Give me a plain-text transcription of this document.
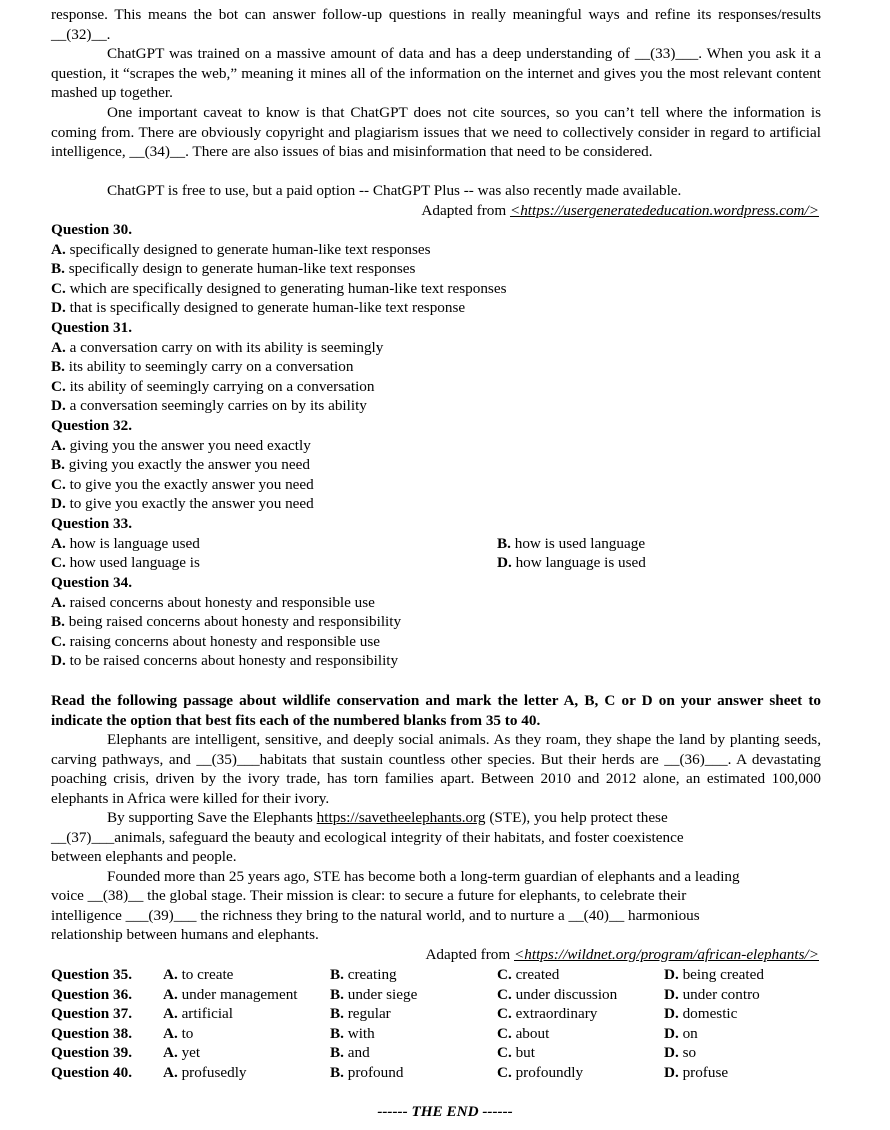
response. This means the bot can answer follow-up questions in really meaningful ways and refine its responses/results __(32)__.
ChatGPT was trained on a massive amount of data and has a deep understanding of __(33)___. When you ask it a question, it “scrapes the web,” meaning it mines all of the information on the internet and gives you the most relevant content mashed up together.
One important caveat to know is that ChatGPT does not cite sources, so you can’t tell where the information is coming from. There are obviously copyright and plagiarism issues that we need to collectively consider in regard to artificial intelligence, __(34)__. There are also issues of bias and misinformation that need to be considered.
ChatGPT is free to use, but a paid option -- ChatGPT Plus -- was also recently made available.
Adapted from <https://usergeneratededucation.wordpress.com/>
Question 30.
A. specifically designed to generate human-like text responses
B. specifically design to generate human-like text responses
C. which are specifically designed to generating human-like text responses
D. that is specifically designed to generate human-like text response
Question 31.
A. a conversation carry on with its ability is seemingly
B. its ability to seemingly carry on a conversation
C. its ability of seemingly carrying on a conversation
D. a conversation seemingly carries on by its ability
Question 32.
A. giving you the answer you need exactly
B. giving you exactly the answer you need
C. to give you the exactly answer you need
D. to give you exactly the answer you need
Question 33.
A. how is language used	B. how is used language
C. how used language is	D. how language is used
Question 34.
A. raised concerns about honesty and responsible use
B. being raised concerns about honesty and responsibility
C. raising concerns about honesty and responsible use
D. to be raised concerns about honesty and responsibility
Read the following passage about wildlife conservation and mark the letter A, B, C or D on your answer sheet to indicate the option that best fits each of the numbered blanks from 35 to 40.
Elephants are intelligent, sensitive, and deeply social animals. As they roam, they shape the land by planting seeds, carving pathways, and __(35)___habitats that sustain countless other species. But their herds are __(36)___. A devastating poaching crisis, driven by the ivory trade, has torn families apart. Between 2010 and 2012 alone, an estimated 100,000 elephants in Africa were killed for their ivory.
By supporting Save the Elephants https://savetheelephants.org (STE), you help protect these
__(37)___animals, safeguard the beauty and ecological integrity of their habitats, and foster coexistence
between elephants and people.
Founded more than 25 years ago, STE has become both a long-term guardian of elephants and a leading
voice __(38)__ the global stage. Their mission is clear: to secure a future for elephants, to celebrate their
intelligence ___(39)___ the richness they bring to the natural world, and to nurture a __(40)__ harmonious
relationship between humans and elephants.
Adapted from <https://wildnet.org/program/african-elephants/>
Question 35. A. to create	B. creating	C. created	D. being created
Question 36. A. under management B. under siege	C. under discussion	D. under contro
Question 37. A. artificial	B. regular	C. extraordinary	D. domestic
Question 38. A. to	B. with	C. about	D. on
Question 39. A. yet	B. and	C. but	D. so
Question 40. A. profusedly	B. profound	C. profoundly	D. profuse
------ THE END ------
